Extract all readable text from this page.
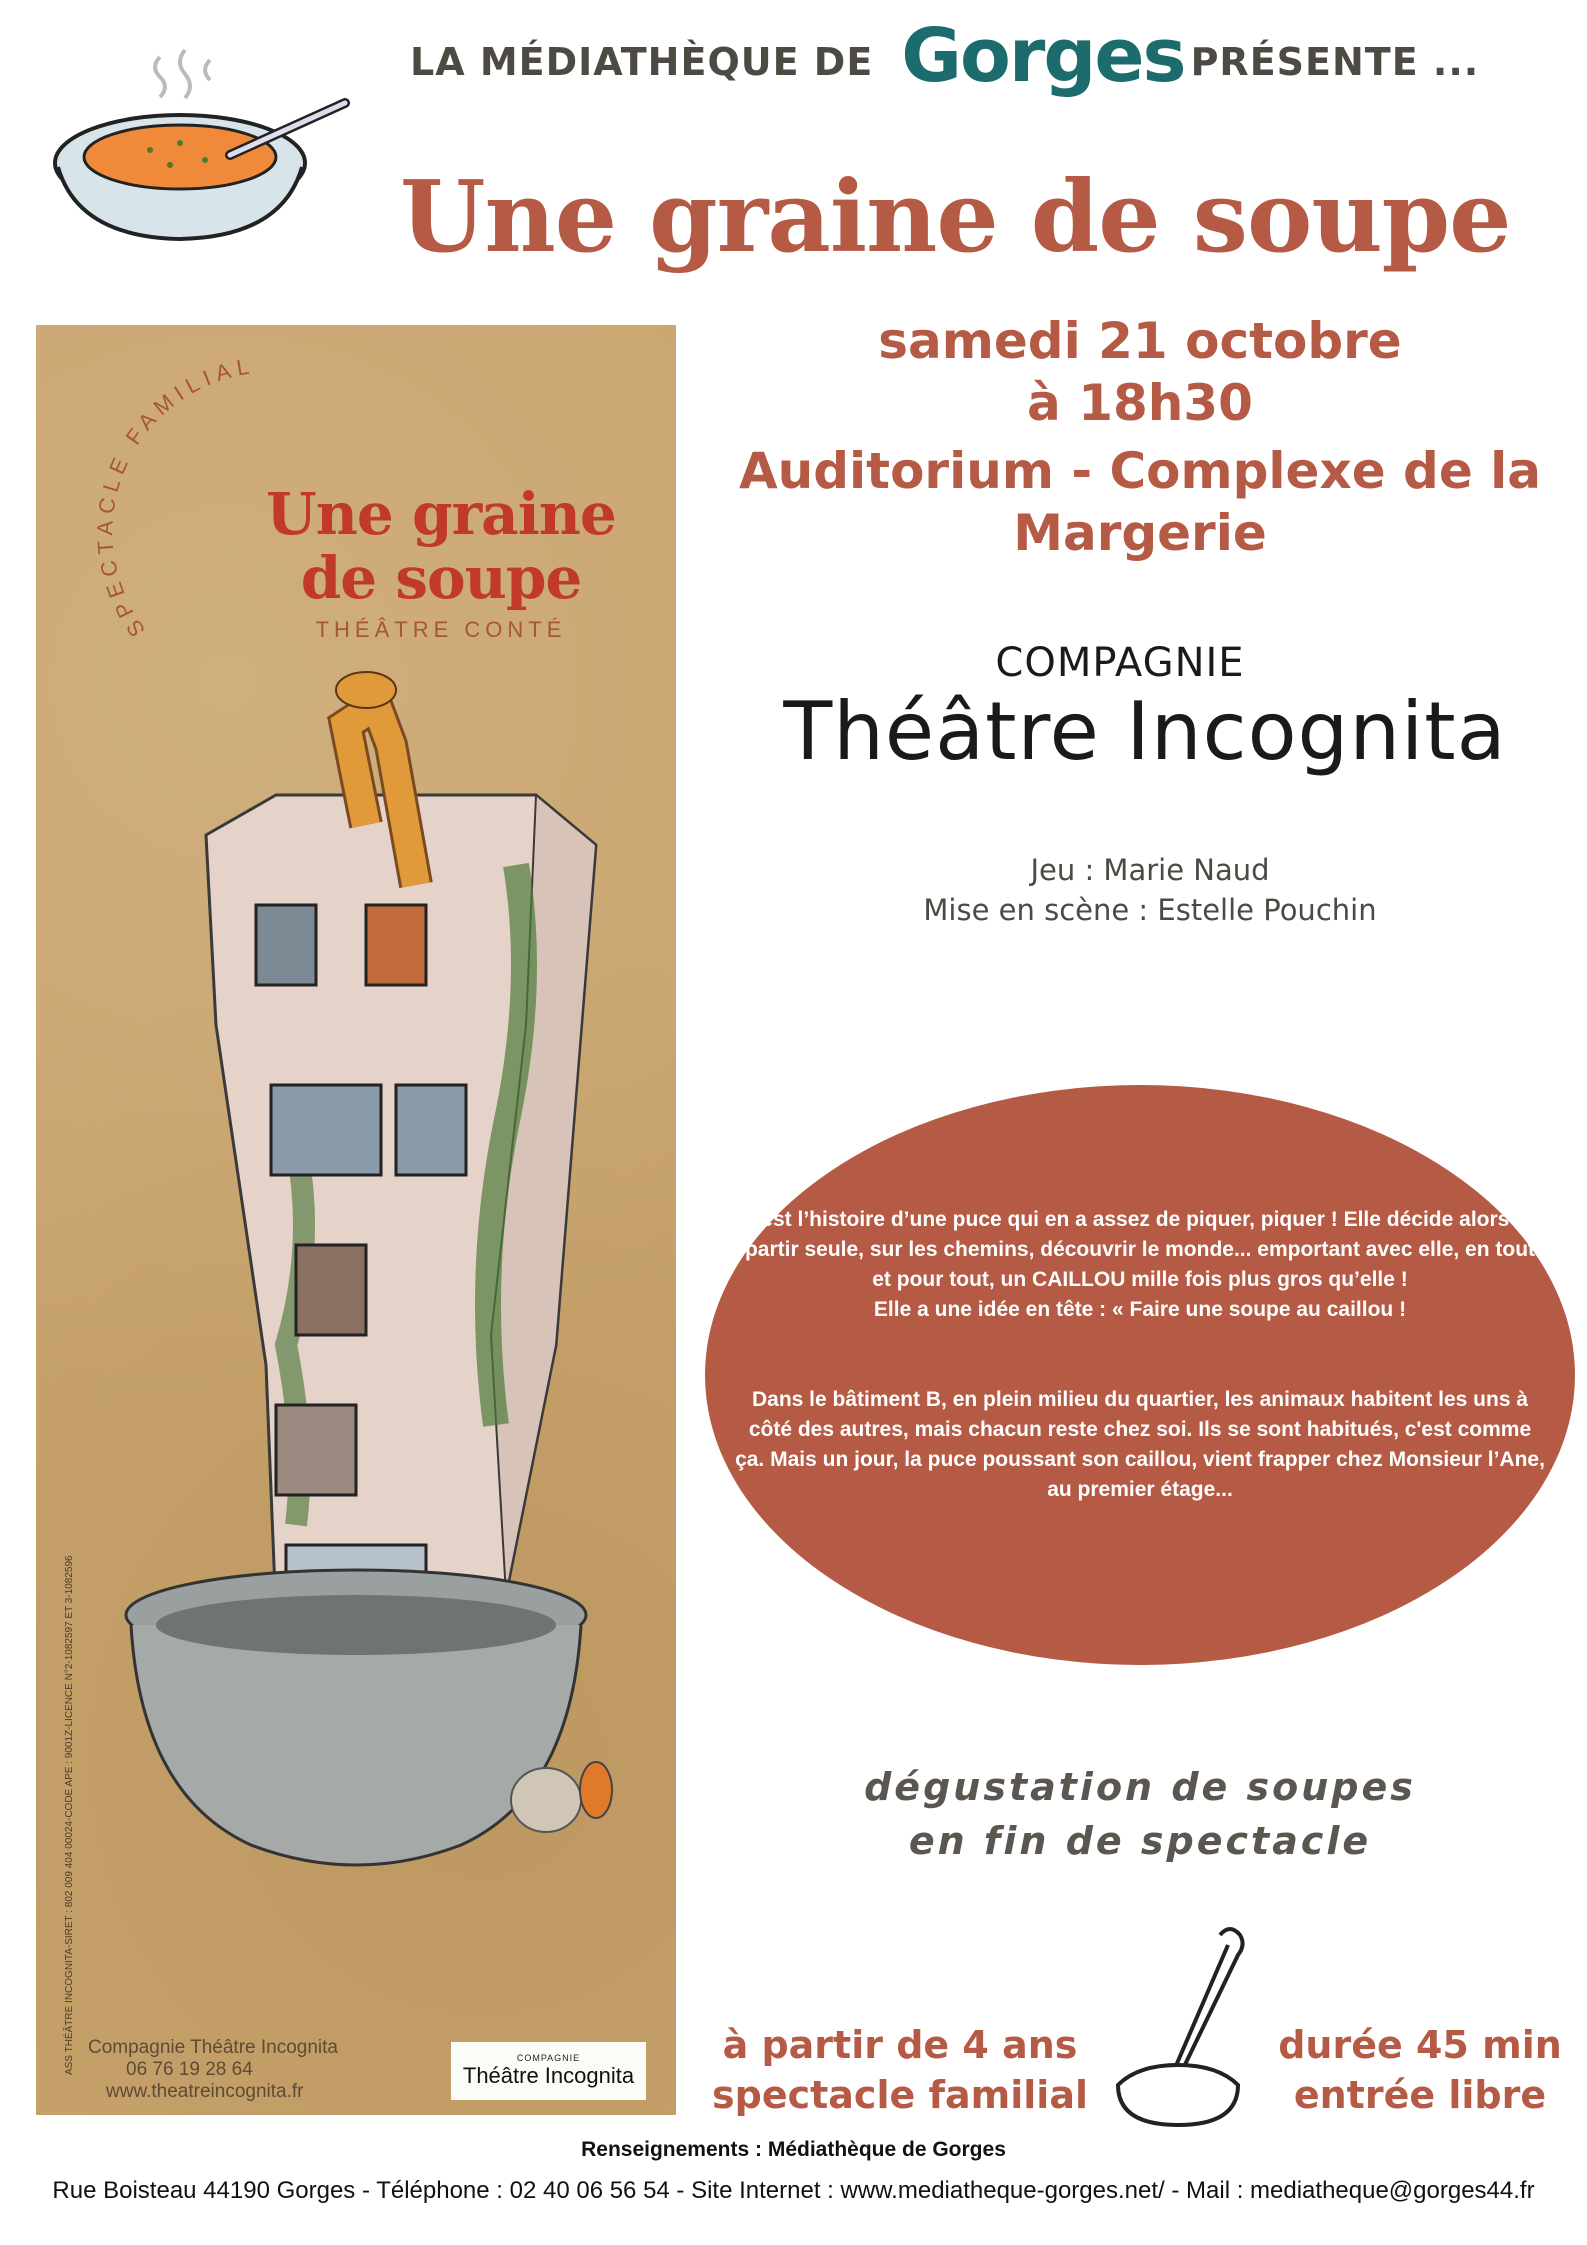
LA MÉDIATHÈQUE DE Gorges PRÉSENTE ...
Une graine de soupe
SPECTACLE FAMILIAL
Une graine
de soupe
THÉÂTRE CONTÉ
Compagnie Théâtre Incognita
06 76 19 28 64
www.theatreincognita.fr
COMPAGNIE
Théâtre Incognita
ASS THÉÂTRE INCOGNITA-SIRET : 802 009 404 00024-CODE APE : 9001Z-LICENCE N°2-1082597 ET 3-1082596
samedi 21 octobre
à 18h30
Auditorium - Complexe de la
Margerie
COMPAGNIE
Théâtre Incognita
Jeu : Marie Naud
Mise en scène : Estelle Pouchin

C’est l’histoire d’une puce qui en a assez de piquer, piquer ! Elle décide alors de partir seule, sur les chemins, découvrir le monde... emportant avec elle, en tout et pour tout, un CAILLOU mille fois plus gros qu’elle !

Elle a une idée en tête : « Faire une soupe au caillou !

Dans le bâtiment B, en plein milieu du quartier, les animaux habitent les uns à côté des autres, mais chacun reste chez soi. Ils se sont habitués, c'est comme ça. Mais un jour, la puce poussant son caillou, vient frapper chez Monsieur l’Ane, au premier étage...

dégustation de soupes
en fin de spectacle
à partir de 4 ans
spectacle familial
durée 45 min
entrée libre
Renseignements : Médiathèque de Gorges
Rue Boisteau 44190 Gorges - Téléphone : 02 40 06 56 54 - Site Internet : www.mediatheque-gorges.net/ - Mail : mediatheque@gorges44.fr
